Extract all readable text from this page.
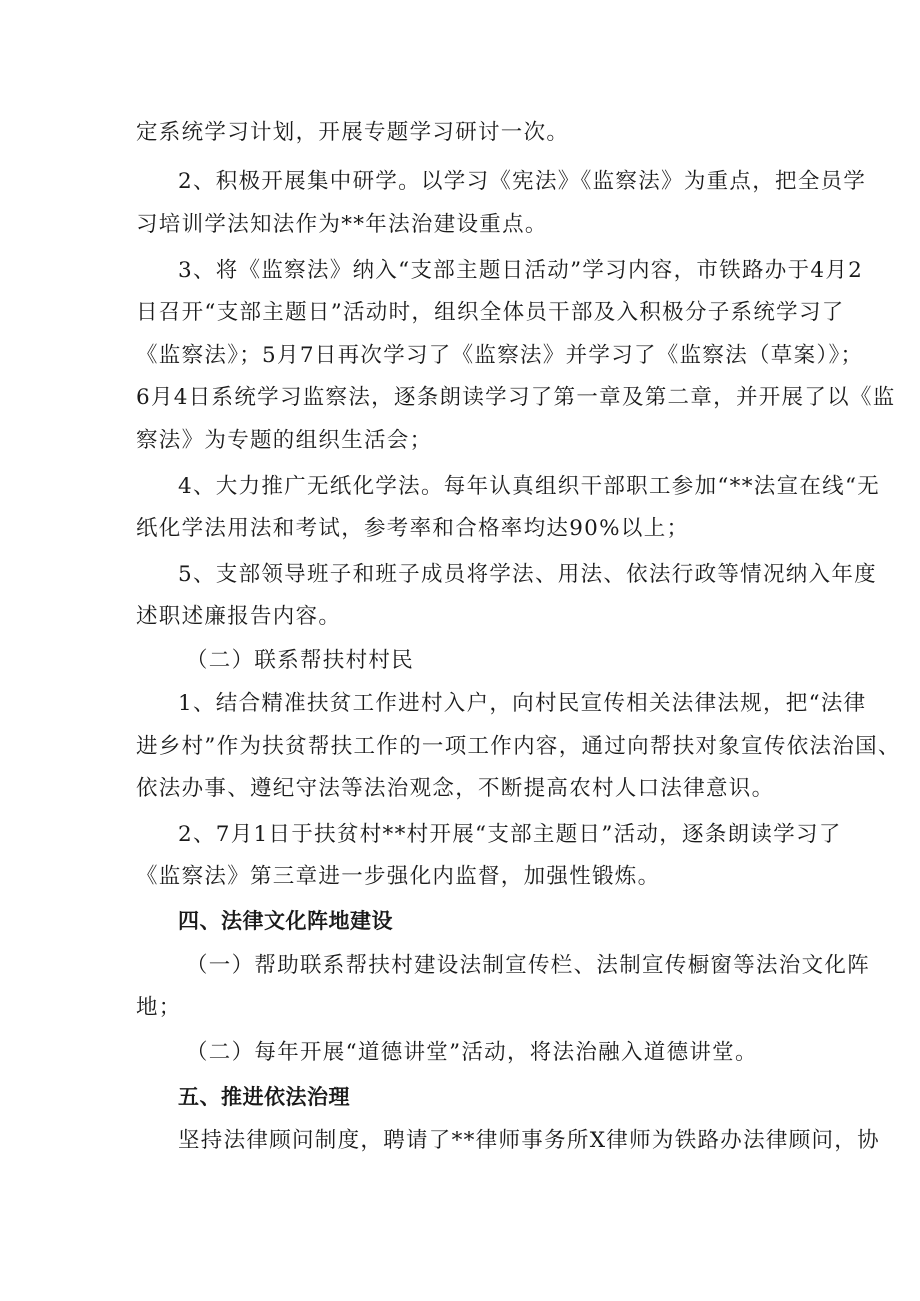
定系统学习计划，开展专题学习研讨一次。
2、积极开展集中研学。以学习《宪法》《监察法》为重点，把全员学
习培训学法知法作为**年法治建设重点。
3、将《监察法》纳入“支部主题日活动”学习内容，市铁路办于4月2
日召开“支部主题日”活动时，组织全体员干部及入积极分子系统学习了
《监察法》；5月7日再次学习了《监察法》并学习了《监察法（草案）》；
6月4日系统学习监察法，逐条朗读学习了第一章及第二章，并开展了以《监
察法》为专题的组织生活会；
4、大力推广无纸化学法。每年认真组织干部职工参加“**法宣在线“无
纸化学法用法和考试，参考率和合格率均达90%以上；
5、支部领导班子和班子成员将学法、用法、依法行政等情况纳入年度
述职述廉报告内容。
（二）联系帮扶村村民
1、结合精准扶贫工作进村入户，向村民宣传相关法律法规，把“法律
进乡村”作为扶贫帮扶工作的一项工作内容，通过向帮扶对象宣传依法治国、
依法办事、遵纪守法等法治观念，不断提高农村人口法律意识。
2、7月1日于扶贫村**村开展“支部主题日”活动，逐条朗读学习了
《监察法》第三章进一步强化内监督，加强性锻炼。
四、法律文化阵地建设
（一）帮助联系帮扶村建设法制宣传栏、法制宣传橱窗等法治文化阵
地；
（二）每年开展“道德讲堂”活动，将法治融入道德讲堂。
五、推进依法治理
坚持法律顾问制度，聘请了**律师事务所X律师为铁路办法律顾问，协
